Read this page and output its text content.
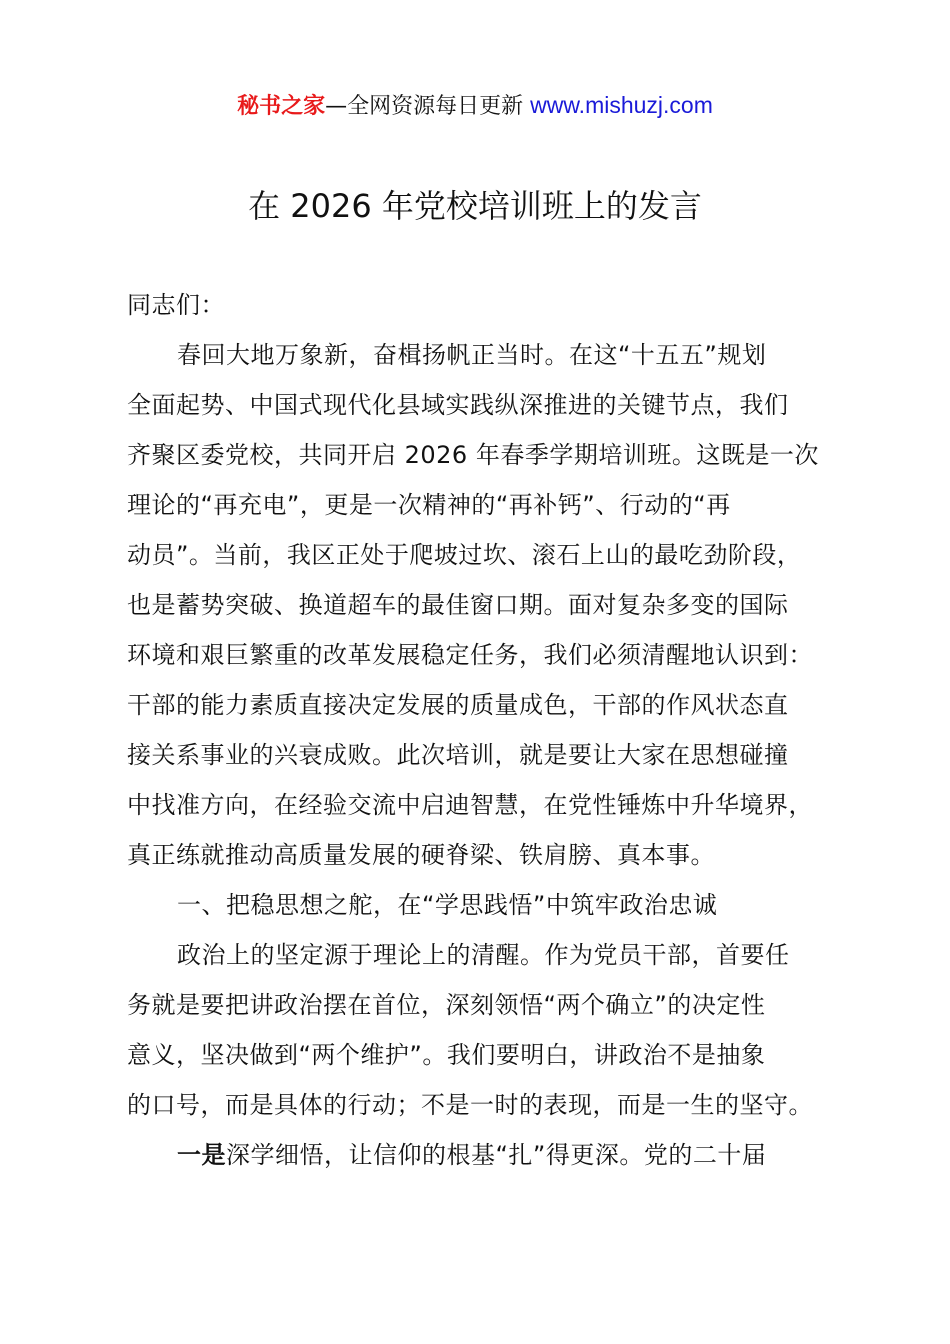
秘书之家—全网资源每日更新 www.mishuzj.com
在 2026 年党校培训班上的发言
同志们：
春回大地万象新，奋楫扬帆正当时。在这“十五五”规划
全面起势、中国式现代化县域实践纵深推进的关键节点，我们
齐聚区委党校，共同开启 2026 年春季学期培训班。这既是一次
理论的“再充电”，更是一次精神的“再补钙”、行动的“再
动员”。当前，我区正处于爬坡过坎、滚石上山的最吃劲阶段，
也是蓄势突破、换道超车的最佳窗口期。面对复杂多变的国际
环境和艰巨繁重的改革发展稳定任务，我们必须清醒地认识到：
干部的能力素质直接决定发展的质量成色，干部的作风状态直
接关系事业的兴衰成败。此次培训，就是要让大家在思想碰撞
中找准方向，在经验交流中启迪智慧，在党性锤炼中升华境界，
真正练就推动高质量发展的硬脊梁、铁肩膀、真本事。
一、把稳思想之舵，在“学思践悟”中筑牢政治忠诚
政治上的坚定源于理论上的清醒。作为党员干部，首要任
务就是要把讲政治摆在首位，深刻领悟“两个确立”的决定性
意义，坚决做到“两个维护”。我们要明白，讲政治不是抽象
的口号，而是具体的行动；不是一时的表现，而是一生的坚守。
一是深学细悟，让信仰的根基“扎”得更深。党的二十届
